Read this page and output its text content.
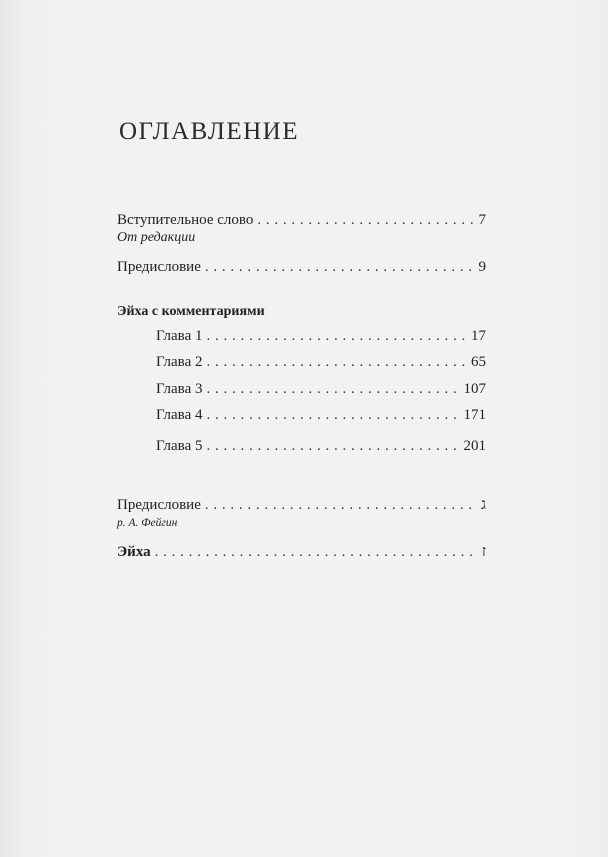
ОГЛАВЛЕНИЕ
Вступительное слово . . .	7
От редакции
Предисловие . . .	9
Эйха с комментариями
Глава 1 . . .	17
Глава 2 . . .	65
Глава 3 . . .	107
Глава 4 . . .	171
Глава 5 . . .	201
Предисловие . . .	ג
р. А. Фейгин
Эйха . . .	ז
